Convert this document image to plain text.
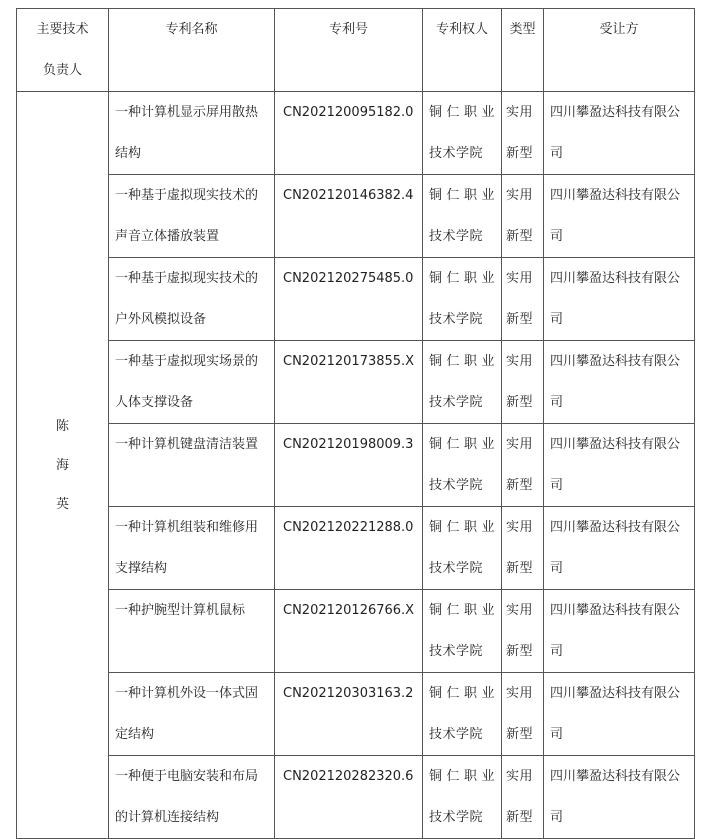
主要技术
负责人	专利名称	专利号	专利权人	类型	受让方

陈
海
英	一种计算机显示屏用散热结构	CN202120095182.0	铜仁职业技术学院	实用新型	四川攀盈达科技有限公司
	一种基于虚拟现实技术的声音立体播放装置	CN202120146382.4	铜仁职业技术学院	实用新型	四川攀盈达科技有限公司
	一种基于虚拟现实技术的户外风模拟设备	CN202120275485.0	铜仁职业技术学院	实用新型	四川攀盈达科技有限公司
	一种基于虚拟现实场景的人体支撑设备	CN202120173855.X	铜仁职业技术学院	实用新型	四川攀盈达科技有限公司
	一种计算机键盘清洁装置	CN202120198009.3	铜仁职业技术学院	实用新型	四川攀盈达科技有限公司
	一种计算机组装和维修用支撑结构	CN202120221288.0	铜仁职业技术学院	实用新型	四川攀盈达科技有限公司
	一种护腕型计算机鼠标	CN202120126766.X	铜仁职业技术学院	实用新型	四川攀盈达科技有限公司
	一种计算机外设一体式固定结构	CN202120303163.2	铜仁职业技术学院	实用新型	四川攀盈达科技有限公司
	一种便于电脑安装和布局的计算机连接结构	CN202120282320.6	铜仁职业技术学院	实用新型	四川攀盈达科技有限公司
